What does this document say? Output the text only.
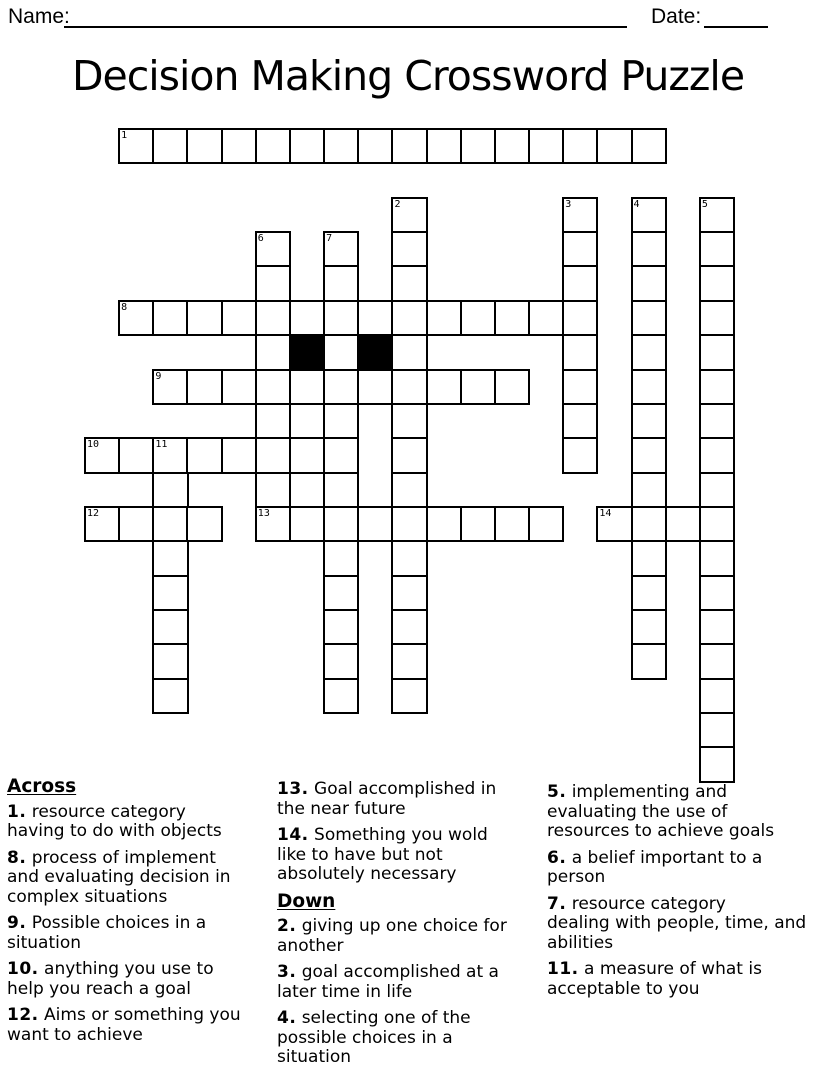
Name:	Date:
Decision Making Crossword Puzzle
1
2	3	4	5
6	7
8
9
10	11
12	13	14
Across

1. resource category
having to do with objects

8. process of implement
and evaluating decision in
complex situations

9. Possible choices in a
situation

10. anything you use to
help you reach a goal

12. Aims or something you
want to achieve

13. Goal accomplished in
the near future

14. Something you wold
like to have but not
absolutely necessary

Down

2. giving up one choice for
another

3. goal accomplished at a
later time in life

4. selecting one of the
possible choices in a
situation

5. implementing and
evaluating the use of
resources to achieve goals

6. a belief important to a
person

7. resource category
dealing with people, time, and
abilities

11. a measure of what is
acceptable to you
